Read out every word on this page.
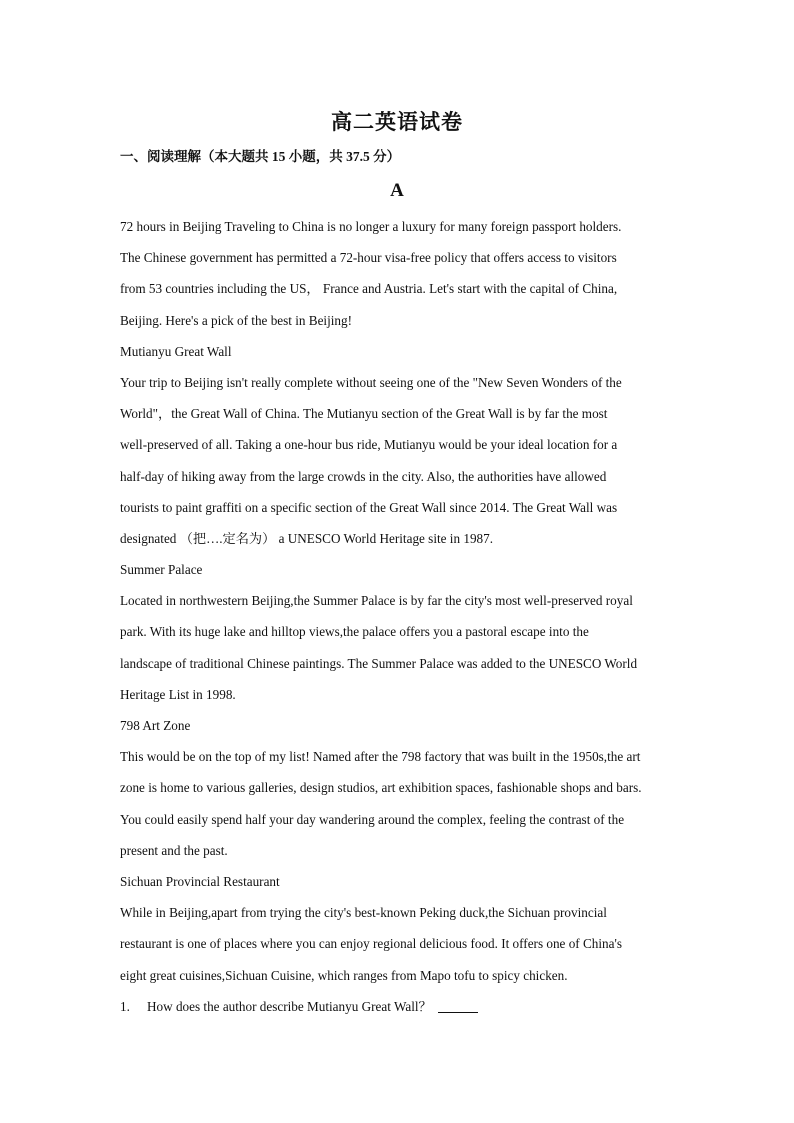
高二英语试卷
一、阅读理解（本大题共 15 小题，共 37.5 分）
A
72 hours in Beijing Traveling to China is no longer a luxury for many foreign passport holders.
The Chinese government has permitted a 72-hour visa-free policy that offers access to visitors
from 53 countries including the US， France and Austria. Let's start with the capital of China,
Beijing. Here's a pick of the best in Beijing!
Mutianyu Great Wall
Your trip to Beijing isn't really complete without seeing one of the "New Seven Wonders of the
World"，the Great Wall of China. The Mutianyu section of the Great Wall is by far the most
well-preserved of all. Taking a one-hour bus ride, Mutianyu would be your ideal location for a
half-day of hiking away from the large crowds in the city. Also, the authorities have allowed
tourists to paint graffiti on a specific section of the Great Wall since 2014. The Great Wall was
designated （把….定名为） a UNESCO World Heritage site in 1987.
Summer Palace
Located in northwestern Beijing,the Summer Palace is by far the city's most well-preserved royal
park. With its huge lake and hilltop views,the palace offers you a pastoral escape into the
landscape of traditional Chinese paintings. The Summer Palace was added to the UNESCO World
Heritage List in 1998.
798 Art Zone
This would be on the top of my list! Named after the 798 factory that was built in the 1950s,the art
zone is home to various galleries, design studios, art exhibition spaces, fashionable shops and bars.
You could easily spend half your day wandering around the complex, feeling the contrast of the
present and the past.
Sichuan Provincial Restaurant
While in Beijing,apart from trying the city's best-known Peking duck,the Sichuan provincial
restaurant is one of places where you can enjoy regional delicious food. It offers one of China's
eight great cuisines,Sichuan Cuisine, which ranges from Mapo tofu to spicy chicken.
1. How does the author describe Mutianyu Great Wall？
